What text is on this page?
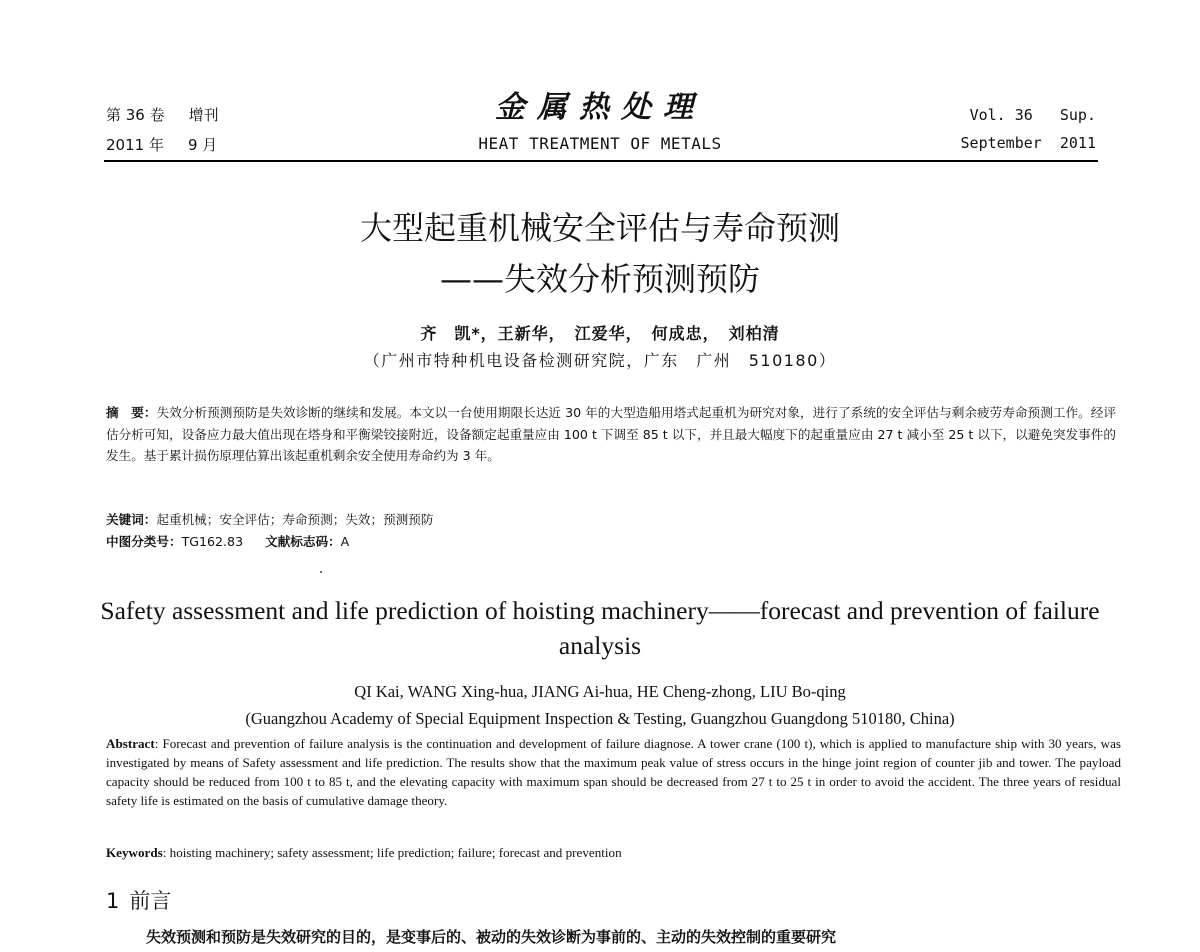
第 36 卷 增刊
2011 年 9 月
金属热处理
HEAT TREATMENT OF METALS
Vol. 36 Sup.
September 2011
大型起重机械安全评估与寿命预测
——失效分析预测预防
齐　凯*，王新华，　江爱华，　何成忠，　刘柏清
（广州市特种机电设备检测研究院，广东　广州　510180）
摘　要：失效分析预测预防是失效诊断的继续和发展。本文以一台使用期限长达近 30 年的大型造船用塔式起重机为研究对象，进行了系统的安全评估与剩余疲劳寿命预测工作。经评估分析可知，设备应力最大值出现在塔身和平衡梁铰接附近，设备额定起重量应由 100 t 下调至 85 t 以下，并且最大幅度下的起重量应由 27 t 减小至 25 t 以下，以避免突发事件的发生。基于累计损伤原理估算出该起重机剩余安全使用寿命约为 3 年。
关键词：起重机械；安全评估；寿命预测；失效；预测预防
中图分类号：TG162.83 文献标志码：A
Safety assessment and life prediction of hoisting machinery——forecast and prevention of failure analysis
QI Kai, WANG Xing-hua, JIANG Ai-hua, HE Cheng-zhong, LIU Bo-qing
(Guangzhou Academy of Special Equipment Inspection & Testing, Guangzhou Guangdong 510180, China)
Abstract: Forecast and prevention of failure analysis is the continuation and development of failure diagnose. A tower crane (100 t), which is applied to manufacture ship with 30 years, was investigated by means of Safety assessment and life prediction. The results show that the maximum peak value of stress occurs in the hinge joint region of counter jib and tower. The payload capacity should be reduced from 100 t to 85 t, and the elevating capacity with maximum span should be decreased from 27 t to 25 t in order to avoid the accident. The three years of residual safety life is estimated on the basis of cumulative damage theory.
Keywords: hoisting machinery; safety assessment; life prediction; failure; forecast and prevention
1 前言
失效预测和预防是失效研究的目的，是变事后的、被动的失效诊断为事前的、主动的失效控制的重要研究
